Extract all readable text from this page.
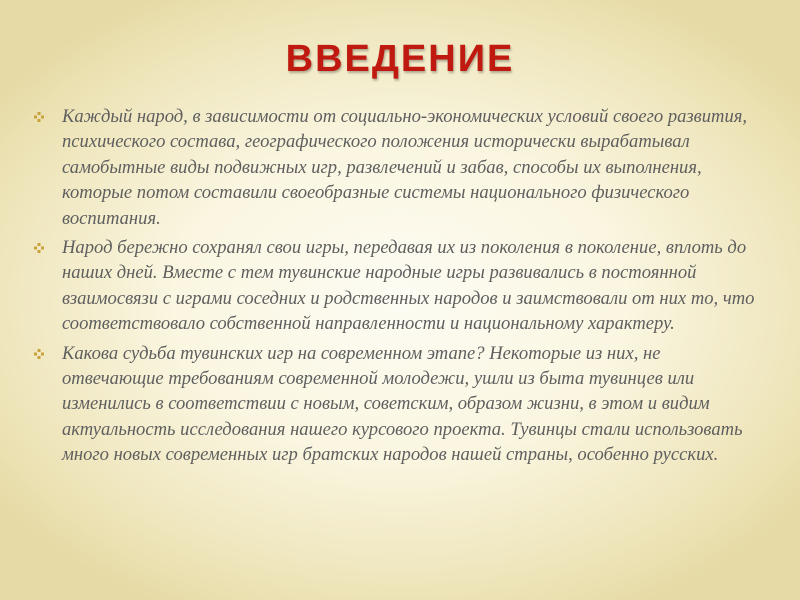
ВВЕДЕНИЕ
Каждый народ, в зависимости от социально-экономических условий своего развития, психического состава, географического положения исторически вырабатывал самобытные виды подвижных игр, развлечений и забав, способы их выполнения, которые потом составили своеобразные системы национального физического воспитания.
Народ бережно сохранял свои игры, передавая их из поколения в поколение, вплоть до наших дней. Вместе с тем тувинские народные игры развивались в постоянной взаимосвязи с играми соседних и родственных народов и заимствовали от них то, что соответствовало собственной направленности и национальному характеру.
Какова судьба тувинских игр на современном этапе? Некоторые из них, не отвечающие требованиям современной молодежи, ушли из быта тувинцев или изменились в соответствии с новым, советским, образом жизни, в этом и видим актуальность исследования нашего курсового проекта. Тувинцы стали использовать много новых современных игр братских народов нашей страны, особенно русских.
